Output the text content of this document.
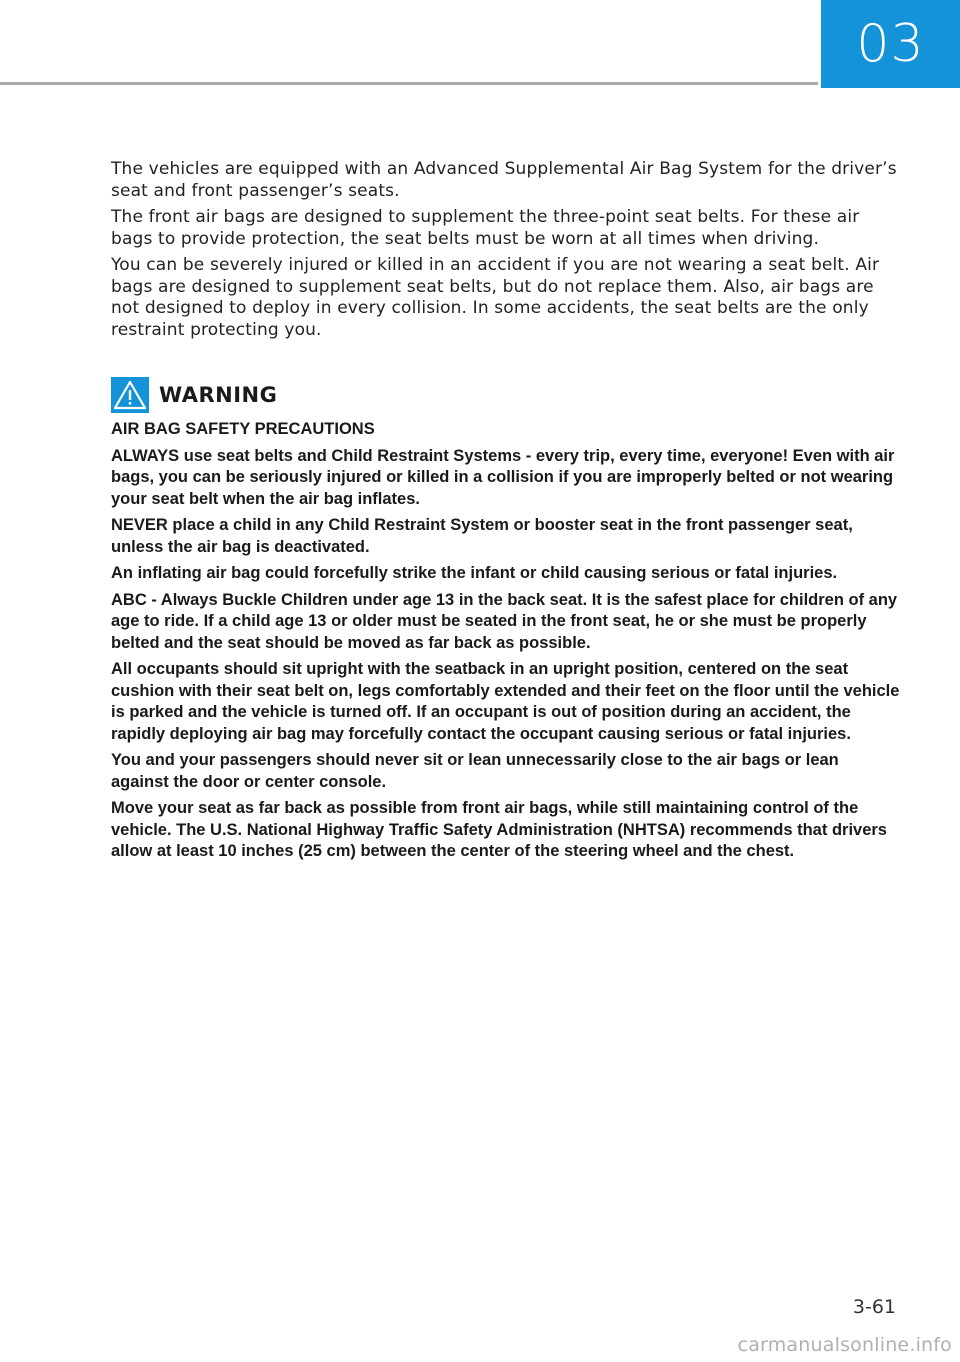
03

The vehicles are equipped with an Advanced Supplemental Air Bag System for the driver’s seat and front passenger’s seats.

The front air bags are designed to supplement the three-point seat belts. For these air bags to provide protection, the seat belts must be worn at all times when driving.

You can be severely injured or killed in an accident if you are not wearing a seat belt. Air bags are designed to supplement seat belts, but do not replace them. Also, air bags are not designed to deploy in every collision. In some accidents, the seat belts are the only restraint protecting you.

WARNING
AIR BAG SAFETY PRECAUTIONS

ALWAYS use seat belts and Child Restraint Systems - every trip, every time, everyone! Even with air bags, you can be seriously injured or killed in a collision if you are improperly belted or not wearing your seat belt when the air bag inflates.

NEVER place a child in any Child Restraint System or booster seat in the front passenger seat, unless the air bag is deactivated.

An inflating air bag could forcefully strike the infant or child causing serious or fatal injuries.

ABC - Always Buckle Children under age 13 in the back seat. It is the safest place for children of any age to ride. If a child age 13 or older must be seated in the front seat, he or she must be properly belted and the seat should be moved as far back as possible.

All occupants should sit upright with the seatback in an upright position, centered on the seat cushion with their seat belt on, legs comfortably extended and their feet on the floor until the vehicle is parked and the vehicle is turned off. If an occupant is out of position during an accident, the rapidly deploying air bag may forcefully contact the occupant causing serious or fatal injuries.

You and your passengers should never sit or lean unnecessarily close to the air bags or lean against the door or center console.

Move your seat as far back as possible from front air bags, while still maintaining control of the vehicle. The U.S. National Highway Traffic Safety Administration (NHTSA) recommends that drivers allow at least 10 inches (25 cm) between the center of the steering wheel and the chest.

3-61
carmanualsonline.info
